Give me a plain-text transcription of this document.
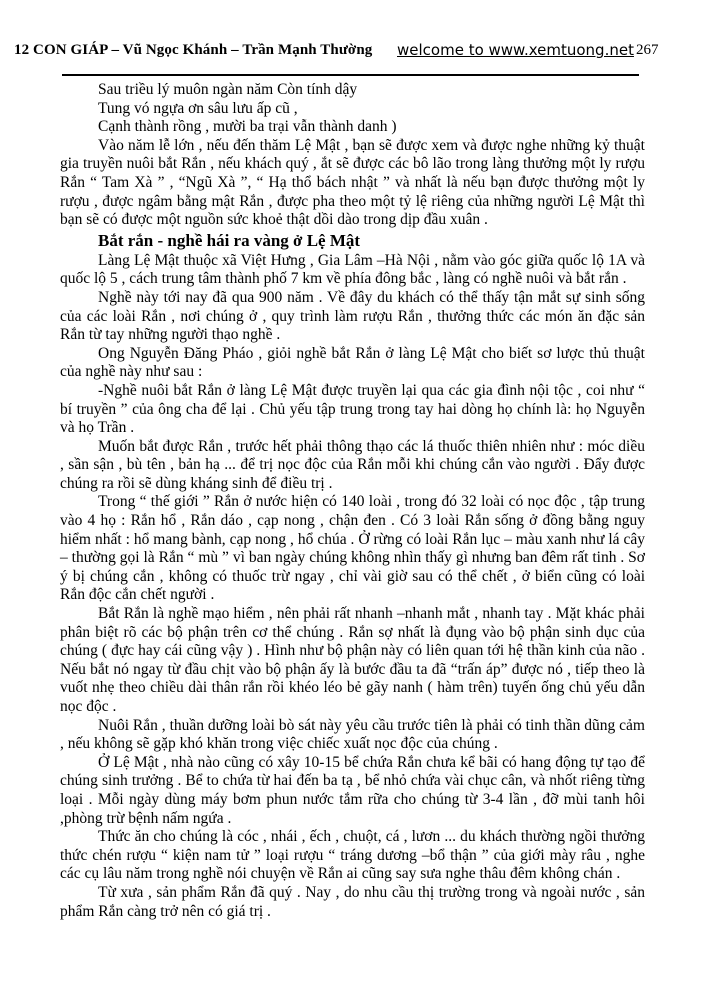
12 CON GIÁP – Vũ Ngọc Khánh – Trần Mạnh Thường welcome to www.xemtuong.net 267
Sau triều lý muôn ngàn năm Còn tính dậy
Tung vó ngựa ơn sâu lưu ấp cũ ,
Cạnh thành rồng , mười ba trại vẫn thành danh )
Vào năm lễ lớn , nếu đến thăm Lệ Mật , bạn sẽ được xem và được nghe những kỷ thuật gia truyền nuôi bắt Rắn , nếu khách quý , ắt sẽ được các bô lão trong làng thưởng một ly rượu Rắn “ Tam Xà ” , “Ngũ Xà ”, “ Hạ thổ bách nhật ” và nhất là nếu bạn được thưởng một ly rượu , được ngâm bằng mật Rắn , được pha theo một tỷ lệ riêng của những người Lệ Mật thì bạn sẽ có được một nguồn sức khoẻ thật dồi dào trong dịp đầu xuân .
Bắt rắn - nghề hái ra vàng ở Lệ Mật
Làng Lệ Mật thuộc xã Việt Hưng , Gia Lâm –Hà Nội , nằm vào góc giữa quốc lộ 1A và quốc lộ 5 , cách trung tâm thành phố 7 km về phía đông bắc , làng có nghề nuôi và bắt rắn .
Nghề này tới nay đã qua 900 năm . Về đây du khách có thể thấy tận mắt sự sinh sống của các loài Rắn , nơi chúng ở , quy trình làm rượu Rắn , thưởng thức các món ăn đặc sản Rắn từ tay những người thạo nghề .
Ong Nguyễn Đăng Pháo , giỏi nghề bắt Rắn ở làng Lệ Mật cho biết sơ lược thủ thuật của nghề này như sau :
-Nghề nuôi bắt Rắn ở làng Lệ Mật được truyền lại qua các gia đình nội tộc , coi như “ bí truyền ” của ông cha để lại . Chủ yếu tập trung trong tay hai dòng họ chính là: họ Nguyễn và họ Trần .
Muốn bắt được Rắn , trước hết phải thông thạo các lá thuốc thiên nhiên như : móc diều , sần sận , bù tên , bản hạ ... để trị nọc độc của Rắn mỗi khi chúng cắn vào người . Đẩy được chúng ra rồi sẽ dùng kháng sinh để điều trị .
Trong “ thế giới ” Rắn ở nước hiện có 140 loài , trong đó 32 loài có nọc độc , tập trung vào 4 họ : Rắn hổ , Rắn dáo , cạp nong , chận đen . Có 3 loài Rắn sống ở đồng bằng nguy hiểm nhất : hổ mang bành, cạp nong , hổ chúa . Ở rừng có loài Rắn lục – màu xanh như lá cây – thường gọi là Rắn “ mù ” vì ban ngày chúng không nhìn thấy gì nhưng ban đêm rất tinh . Sơ ý bị chúng cắn , không có thuốc trừ ngay , chỉ vài giờ sau có thể chết , ở biển cũng có loài Rắn độc cắn chết người .
Bắt Rắn là nghề mạo hiểm , nên phải rất nhanh –nhanh mắt , nhanh tay . Mặt khác phải phân biệt rõ các bộ phận trên cơ thể chúng . Rắn sợ nhất là đụng vào bộ phận sinh dục của chúng ( đực hay cái cũng vậy ) . Hình như bộ phận này có liên quan tới hệ thần kinh của não . Nếu bắt nó ngay từ đầu chịt vào bộ phận ấy là bước đầu ta đã “trấn áp” được nó , tiếp theo là vuốt nhẹ theo chiều dài thân rắn rồi khéo léo bẻ gãy nanh ( hàm trên) tuyến ống chủ yếu dẫn nọc độc .
Nuôi Rắn , thuần dưỡng loài bò sát này yêu cầu trước tiên là phải có tinh thần dũng cảm , nếu không sẽ gặp khó khăn trong việc chiếc xuất nọc độc của chúng .
Ở Lệ Mật , nhà nào cũng có xây 10-15 bể chứa Rắn chưa kể bãi có hang động tự tạo để chúng sinh trưởng . Bể to chứa từ hai đến ba tạ , bể nhỏ chứa vài chục cân, và nhốt riêng từng loại . Mỗi ngày dùng máy bơm phun nước tắm rữa cho chúng từ 3-4 lần , đỡ mùi tanh hôi ,phòng trừ bệnh nấm ngứa .
Thức ăn cho chúng là cóc , nhái , ếch , chuột, cá , lươn ... du khách thường ngồi thưởng thức chén rượu “ kiện nam tử ” loại rượu “ tráng dương –bổ thận ” của giới mày râu , nghe các cụ lâu năm trong nghề nói chuyện về Rắn ai cũng say sưa nghe thâu đêm không chán .
Từ xưa , sản phẩm Rắn đã quý . Nay , do nhu cầu thị trường trong và ngoài nước , sản phẩm Rắn càng trở nên có giá trị .
